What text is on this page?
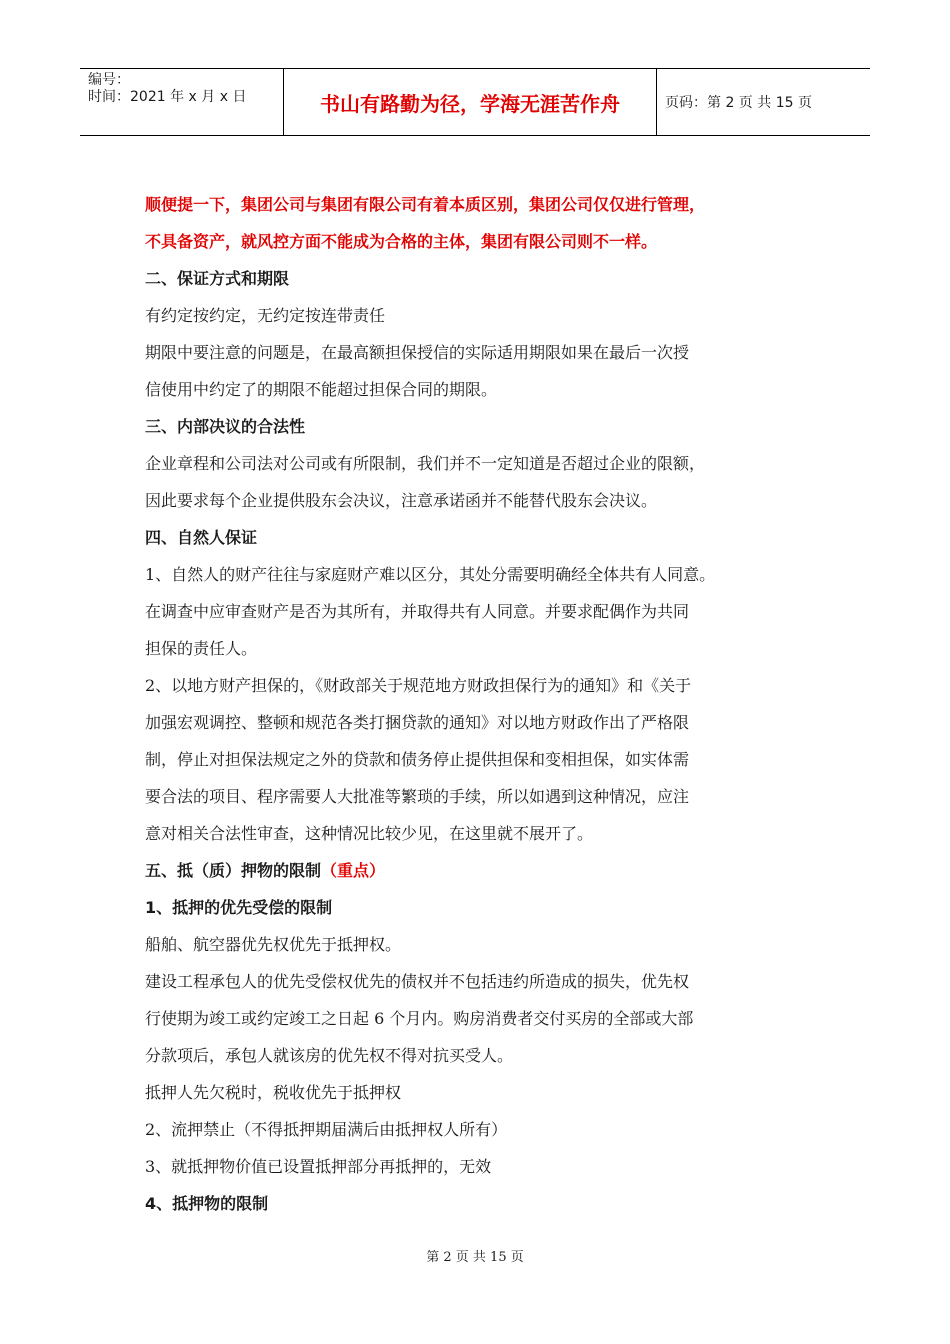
编号：
时间：2021 年 x 月 x 日	书山有路勤为径，学海无涯苦作舟	页码：第 2 页 共 15 页
顺便提一下，集团公司与集团有限公司有着本质区别，集团公司仅仅进行管理，
不具备资产，就风控方面不能成为合格的主体，集团有限公司则不一样。
二、保证方式和期限
有约定按约定，无约定按连带责任
期限中要注意的问题是，在最高额担保授信的实际适用期限如果在最后一次授
信使用中约定了的期限不能超过担保合同的期限。
三、内部决议的合法性
企业章程和公司法对公司或有所限制，我们并不一定知道是否超过企业的限额，
因此要求每个企业提供股东会决议，注意承诺函并不能替代股东会决议。
四、自然人保证
1、自然人的财产往往与家庭财产难以区分，其处分需要明确经全体共有人同意。
在调查中应审查财产是否为其所有，并取得共有人同意。并要求配偶作为共同
担保的责任人。
2、以地方财产担保的，《财政部关于规范地方财政担保行为的通知》和《关于
加强宏观调控、整顿和规范各类打捆贷款的通知》对以地方财政作出了严格限
制，停止对担保法规定之外的贷款和债务停止提供担保和变相担保，如实体需
要合法的项目、程序需要人大批准等繁琐的手续，所以如遇到这种情况，应注
意对相关合法性审查，这种情况比较少见，在这里就不展开了。
五、抵（质）押物的限制（重点）
1、抵押的优先受偿的限制
船舶、航空器优先权优先于抵押权。
建设工程承包人的优先受偿权优先的债权并不包括违约所造成的损失，优先权
行使期为竣工或约定竣工之日起 6 个月内。购房消费者交付买房的全部或大部
分款项后，承包人就该房的优先权不得对抗买受人。
抵押人先欠税时，税收优先于抵押权
2、流押禁止（不得抵押期届满后由抵押权人所有）
3、就抵押物价值已设置抵押部分再抵押的，无效
4、抵押物的限制
第 2 页 共 15 页
